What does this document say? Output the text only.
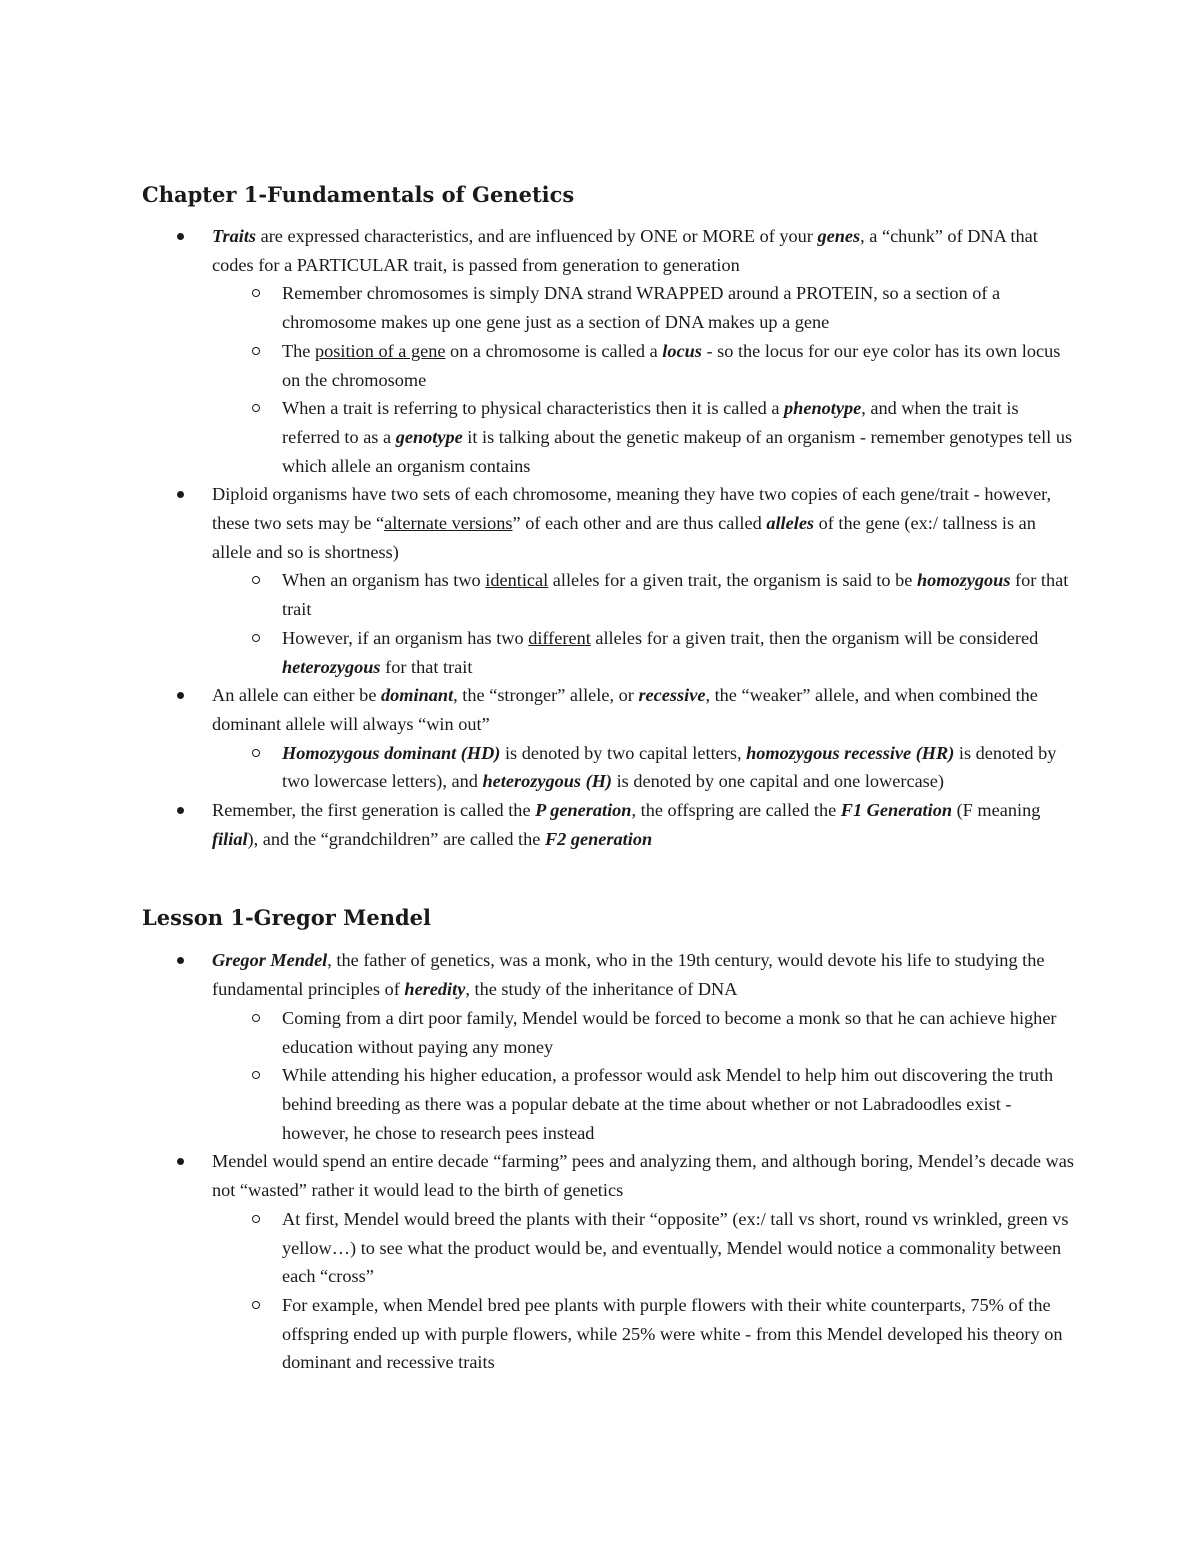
Chapter 1-Fundamentals of Genetics
Traits are expressed characteristics, and are influenced by ONE or MORE of your genes, a “chunk” of DNA that codes for a PARTICULAR trait, is passed from generation to generation
Remember chromosomes is simply DNA strand WRAPPED around a PROTEIN, so a section of a chromosome makes up one gene just as a section of DNA makes up a gene
The position of a gene on a chromosome is called a locus - so the locus for our eye color has its own locus on the chromosome
When a trait is referring to physical characteristics then it is called a phenotype, and when the trait is referred to as a genotype it is talking about the genetic makeup of an organism - remember genotypes tell us which allele an organism contains
Diploid organisms have two sets of each chromosome, meaning they have two copies of each gene/trait - however, these two sets may be “alternate versions” of each other and are thus called alleles of the gene (ex:/ tallness is an allele and so is shortness)
When an organism has two identical alleles for a given trait, the organism is said to be homozygous for that trait
However, if an organism has two different alleles for a given trait, then the organism will be considered heterozygous for that trait
An allele can either be dominant, the “stronger” allele, or recessive, the “weaker” allele, and when combined the dominant allele will always “win out”
Homozygous dominant (HD) is denoted by two capital letters, homozygous recessive (HR) is denoted by two lowercase letters), and heterozygous (H) is denoted by one capital and one lowercase)
Remember, the first generation is called the P generation, the offspring are called the F1 Generation (F meaning filial), and the “grandchildren” are called the F2 generation
Lesson 1-Gregor Mendel
Gregor Mendel, the father of genetics, was a monk, who in the 19th century, would devote his life to studying the fundamental principles of heredity, the study of the inheritance of DNA
Coming from a dirt poor family, Mendel would be forced to become a monk so that he can achieve higher education without paying any money
While attending his higher education, a professor would ask Mendel to help him out discovering the truth behind breeding as there was a popular debate at the time about whether or not Labradoodles exist - however, he chose to research pees instead
Mendel would spend an entire decade “farming” pees and analyzing them, and although boring, Mendel’s decade was not “wasted” rather it would lead to the birth of genetics
At first, Mendel would breed the plants with their “opposite” (ex:/ tall vs short, round vs wrinkled, green vs yellow…) to see what the product would be, and eventually, Mendel would notice a commonality between each “cross”
For example, when Mendel bred pee plants with purple flowers with their white counterparts, 75% of the offspring ended up with purple flowers, while 25% were white - from this Mendel developed his theory on dominant and recessive traits
